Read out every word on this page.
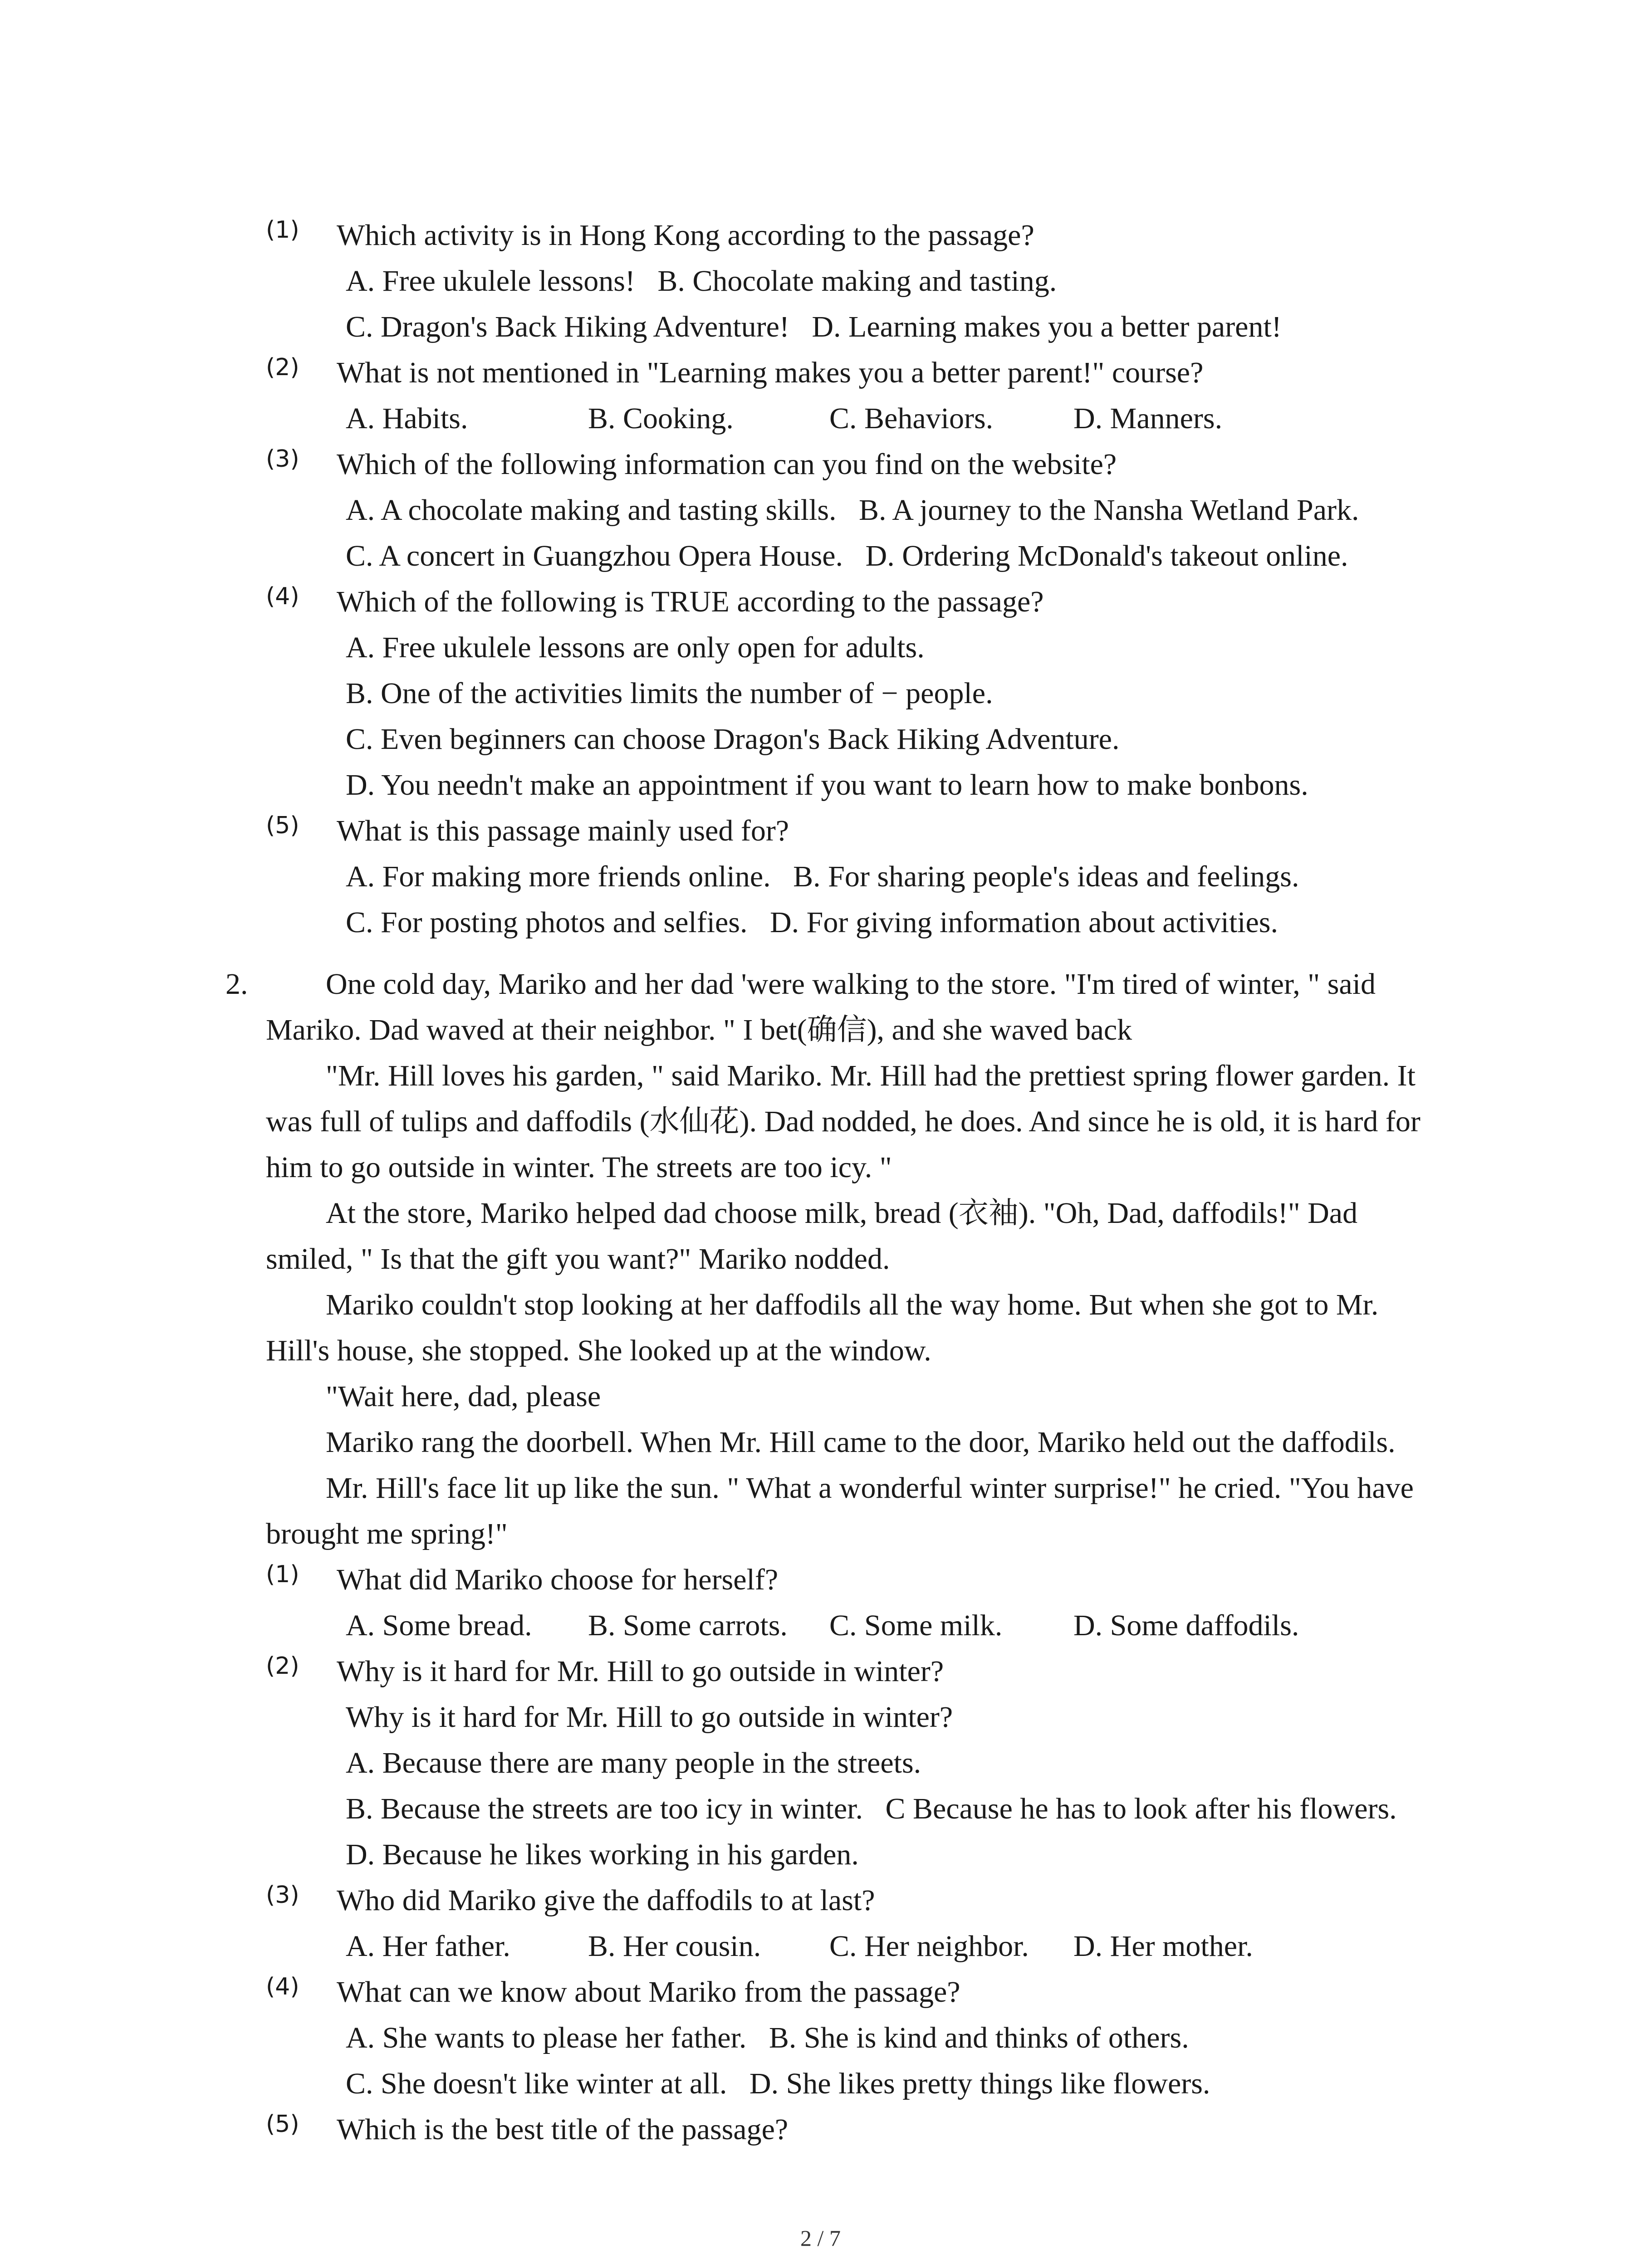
(1) Which activity is in Hong Kong according to the passage?
A. Free ukulele lessons!   B. Chocolate making and tasting.
C. Dragon's Back Hiking Adventure!   D. Learning makes you a better parent!
(2) What is not mentioned in "Learning makes you a better parent!" course?
A. Habits.	B. Cooking.	C. Behaviors.	D. Manners.
(3) Which of the following information can you find on the website?
A. A chocolate making and tasting skills.   B. A journey to the Nansha Wetland Park.
C. A concert in Guangzhou Opera House.   D. Ordering McDonald's takeout online.
(4) Which of the following is TRUE according to the passage?
A. Free ukulele lessons are only open for adults.
B. One of the activities limits the number of − people.
C. Even beginners can choose Dragon's Back Hiking Adventure.
D. You needn't make an appointment if you want to learn how to make bonbons.
(5) What is this passage mainly used for?
A. For making more friends online.   B. For sharing people's ideas and feelings.
C. For posting photos and selfies.   D. For giving information about activities.
2.	One cold day, Mariko and her dad 'were walking to the store. "I'm tired of winter, " said
Mariko. Dad waved at their neighbor. " I bet(确信), and she waved back
"Mr. Hill loves his garden, " said Mariko. Mr. Hill had the prettiest spring flower garden. It
was full of tulips and daffodils (水仙花). Dad nodded, he does. And since he is old, it is hard for
him to go outside in winter. The streets are too icy. "
At the store, Mariko helped dad choose milk, bread (衣袖). "Oh, Dad, daffodils!" Dad
smiled, " Is that the gift you want?" Mariko nodded.
Mariko couldn't stop looking at her daffodils all the way home. But when she got to Mr.
Hill's house, she stopped. She looked up at the window.
"Wait here, dad, please
Mariko rang the doorbell. When Mr. Hill came to the door, Mariko held out the daffodils.
Mr. Hill's face lit up like the sun. " What a wonderful winter surprise!" he cried. "You have
brought me spring!"
(1) What did Mariko choose for herself?
A. Some bread. B. Some carrots. C. Some milk. D. Some daffodils.
(2) Why is it hard for Mr. Hill to go outside in winter?
Why is it hard for Mr. Hill to go outside in winter?
A. Because there are many people in the streets.
B. Because the streets are too icy in winter.   C Because he has to look after his flowers.
D. Because he likes working in his garden.
(3) Who did Mariko give the daffodils to at last?
A. Her father.	B. Her cousin. C. Her neighbor. D. Her mother.
(4) What can we know about Mariko from the passage?
A. She wants to please her father.   B. She is kind and thinks of others.
C. She doesn't like winter at all.   D. She likes pretty things like flowers.
(5) Which is the best title of the passage?
2 / 7
